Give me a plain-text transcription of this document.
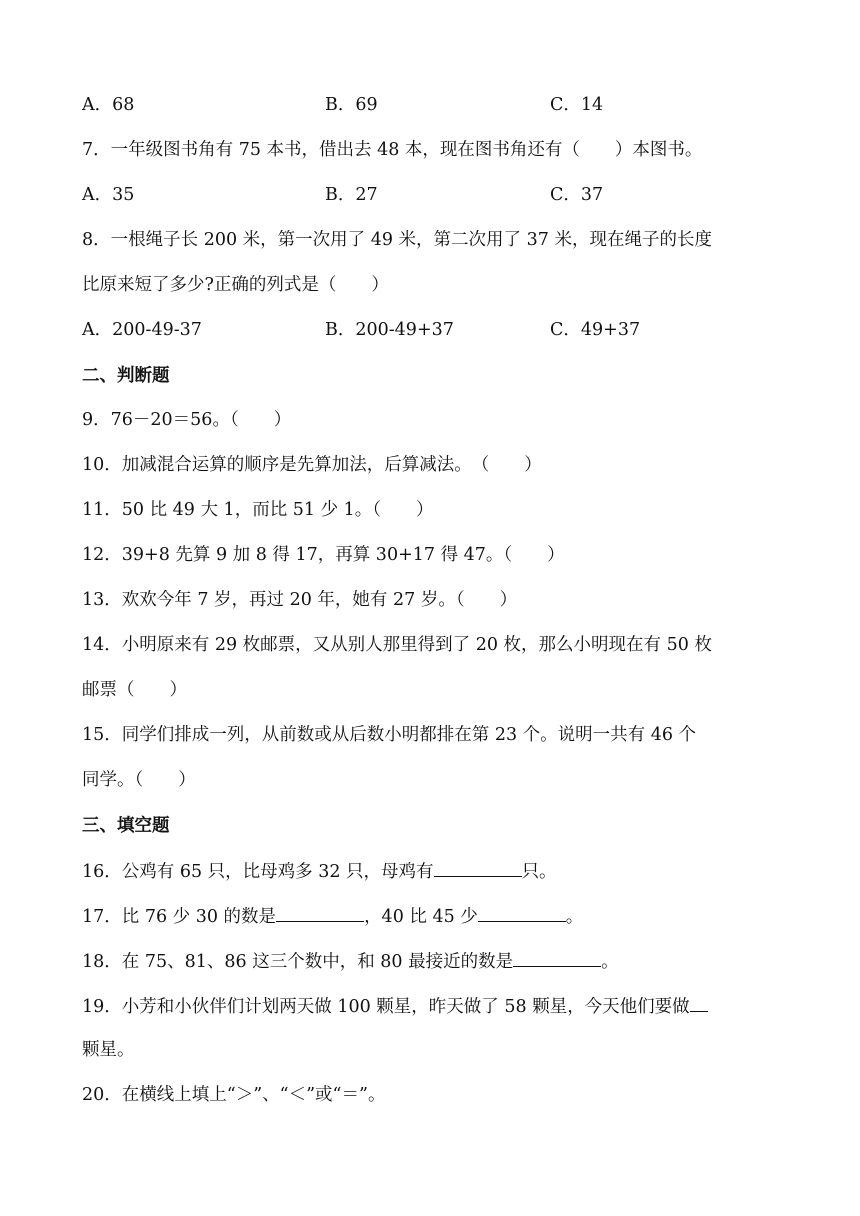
A．68	B．69	C．14
7．一年级图书角有 75 本书，借出去 48 本，现在图书角还有（　　）本图书。
A．35	B．27	C．37
8．一根绳子长 200 米，第一次用了 49 米，第二次用了 37 米，现在绳子的长度
比原来短了多少?正确的列式是（　　）
A．200-49-37	B．200-49+37	C．49+37
二、判断题
9．76－20＝56。（　　）
10．加减混合运算的顺序是先算加法，后算减法。　（　　）
11．50 比 49 大 1，而比 51 少 1。（　　）
12．39+8 先算 9 加 8 得 17，再算 30+17 得 47。（　　）
13．欢欢今年 7 岁，再过 20 年，她有 27 岁。（　　）
14．小明原来有 29 枚邮票，又从别人那里得到了 20 枚，那么小明现在有 50 枚
邮票（　　）
15．同学们排成一列，从前数或从后数小明都排在第 23 个。说明一共有 46 个
同学。（　　）
三、填空题
16．公鸡有 65 只，比母鸡多 32 只，母鸡有	只。
17．比 76 少 30 的数是	，40 比 45 少	。
18．在 75、81、86 这三个数中，和 80 最接近的数是	。
19．小芳和小伙伴们计划两天做 100 颗星，昨天做了 58 颗星，今天他们要做
颗星。
20．在横线上填上“＞”、“＜”或“＝”。
